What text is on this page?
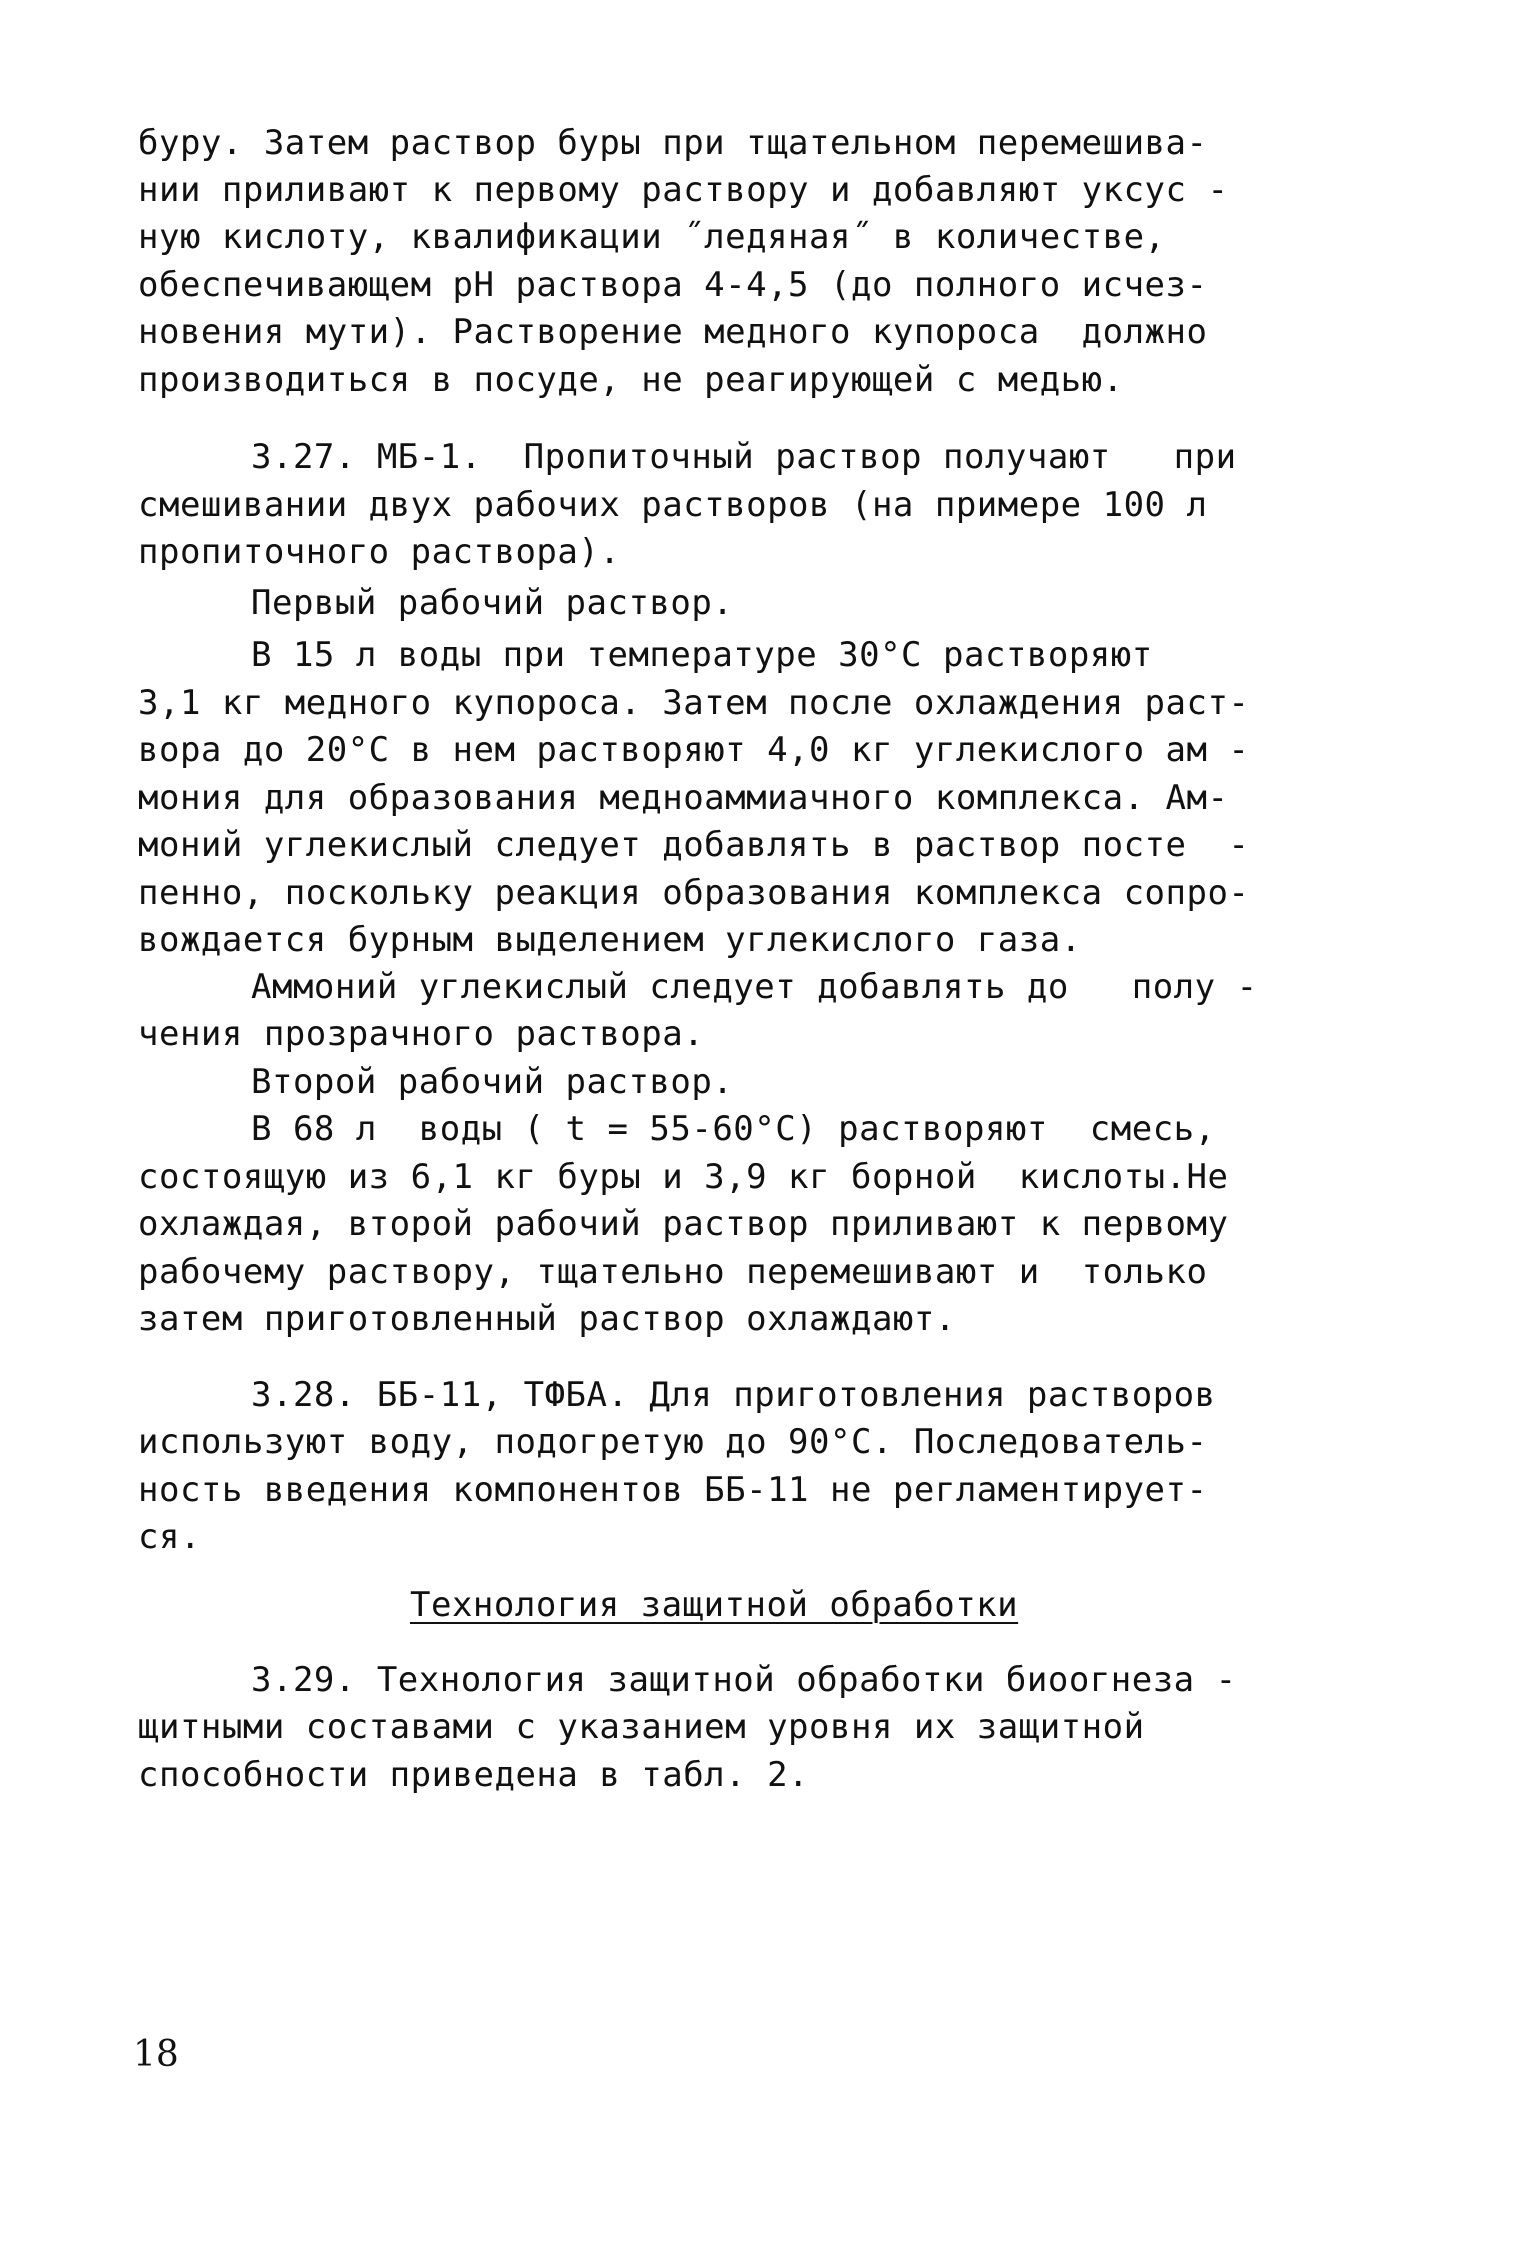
буру. Затем раствор буры при тщательном перемешива-
нии приливают к первому раствору и добавляют уксус -
ную кислоту, квалификации ˝ледяная˝ в количестве,
обеспечивающем pH раствора 4-4,5 (до полного исчез-
новения мути). Растворение медного купороса  должно
производиться в посуде, не реагирующей с медью.
3.27. МБ-1.  Пропиточный раствор получают   при
смешивании двух рабочих растворов (на примере 100 л
пропиточного раствора).
Первый рабочий раствор.
В 15 л воды при температуре 30°С растворяют
3,1 кг медного купороса. Затем после охлаждения раст-
вора до 20°С в нем растворяют 4,0 кг углекислого ам -
мония для образования медноаммиачного комплекса. Ам-
моний углекислый следует добавлять в раствор посте  -
пенно, поскольку реакция образования комплекса сопро-
вождается бурным выделением углекислого газа.
Аммоний углекислый следует добавлять до   полу -
чения прозрачного раствора.
Второй рабочий раствор.
В 68 л  воды ( t = 55-60°С) растворяют  смесь,
состоящую из 6,1 кг буры и 3,9 кг борной  кислоты.Не
охлаждая, второй рабочий раствор приливают к первому
рабочему раствору, тщательно перемешивают и  только
затем приготовленный раствор охлаждают.
3.28. ББ-11, ТФБА. Для приготовления растворов
используют воду, подогретую до 90°С. Последователь-
ность введения компонентов ББ-11 не регламентирует-
ся.
Технология защитной обработки
3.29. Технология защитной обработки биоогнеза -
щитными составами с указанием уровня их защитной
способности приведена в табл. 2.
18
